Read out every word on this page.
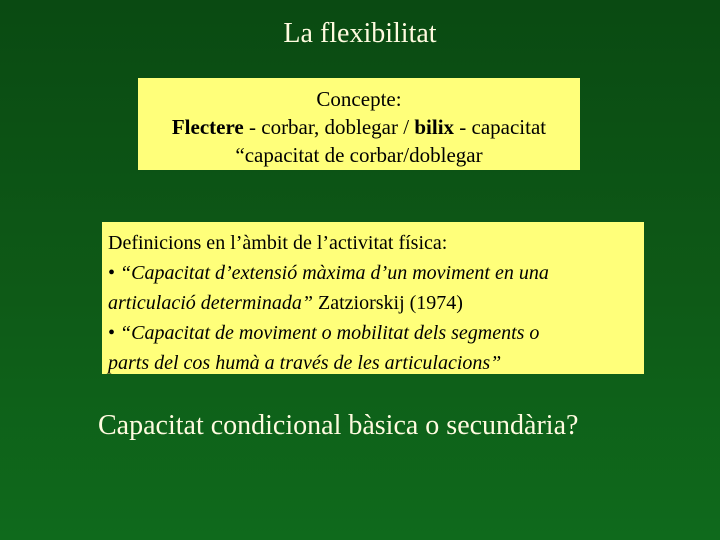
La flexibilitat
Concepte:
Flectere - corbar, doblegar / bilix - capacitat
“capacitat de corbar/doblegar
Definicions en l’àmbit de l’activitat física:
• “Capacitat d’extensió màxima d’un moviment en una
articulació determinada” Zatziorskij (1974)
• “Capacitat de moviment o mobilitat dels segments o
parts del cos humà a través de les articulacions”
Capacitat condicional bàsica o secundària?
